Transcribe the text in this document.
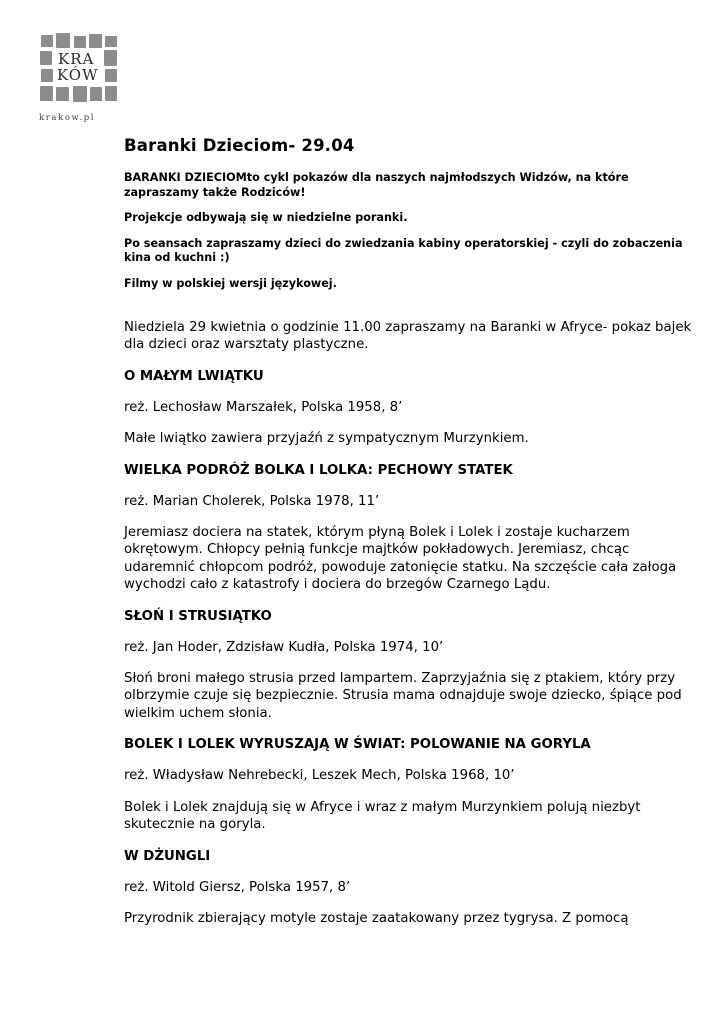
KRA
KÓW
krakow.pl
Baranki Dzieciom- 29.04

BARANKI DZIECIOMto cykl pokazów dla naszych najmłodszych Widzów, na które zapraszamy także Rodziców!

Projekcje odbywają się w niedzielne poranki.

Po seansach zapraszamy dzieci do zwiedzania kabiny operatorskiej - czyli do zobaczenia kina od kuchni :)

Filmy w polskiej wersji językowej.

Niedziela 29 kwietnia o godzinie 11.00 zapraszamy na Baranki w Afryce- pokaz bajek dla dzieci oraz warsztaty plastyczne.

O MAŁYM LWIĄTKU

reż. Lechosław Marszałek, Polska 1958, 8’

Małe lwiątko zawiera przyjaźń z sympatycznym Murzynkiem.

WIELKA PODRÓŻ BOLKA I LOLKA: PECHOWY STATEK

reż. Marian Cholerek, Polska 1978, 11’

Jeremiasz dociera na statek, którym płyną Bolek i Lolek i zostaje kucharzem okrętowym. Chłopcy pełnią funkcje majtków pokładowych. Jeremiasz, chcąc udaremnić chłopcom podróż, powoduje zatonięcie statku. Na szczęście cała załoga wychodzi cało z katastrofy i dociera do brzegów Czarnego Lądu.

SŁOŃ I STRUSIĄTKO

reż. Jan Hoder, Zdzisław Kudła, Polska 1974, 10’

Słoń broni małego strusia przed lampartem. Zaprzyjaźnia się z ptakiem, który przy olbrzymie czuje się bezpiecznie. Strusia mama odnajduje swoje dziecko, śpiące pod wielkim uchem słonia.

BOLEK I LOLEK WYRUSZAJĄ W ŚWIAT: POLOWANIE NA GORYLA

reż. Władysław Nehrebecki, Leszek Mech, Polska 1968, 10’

Bolek i Lolek znajdują się w Afryce i wraz z małym Murzynkiem polują niezbyt skutecznie na goryla.

W DŻUNGLI

reż. Witold Giersz, Polska 1957, 8’

Przyrodnik zbierający motyle zostaje zaatakowany przez tygrysa. Z pomocą
